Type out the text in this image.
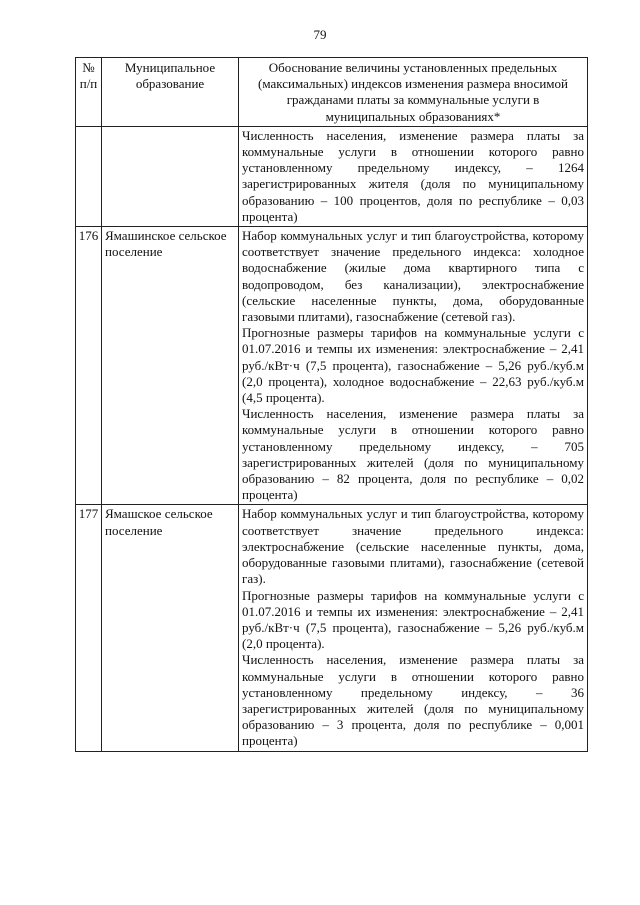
79
№ п/п	Муниципальное образование	Обоснование величины установленных предельных (максимальных) индексов изменения размера вносимой гражданами платы за коммунальные услуги в муниципальных образованиях*

		Численность населения, изменение размера платы за коммунальные услуги в отношении которого равно установленному предельному индексу, – 1264 зарегистрированных жителя (доля по муниципальному образованию – 100 процентов, доля по республике – 0,03 процента)

176	Ямашинское сельское поселение	Набор коммунальных услуг и тип благоустройства, которому соответствует значение предельного индекса: холодное водоснабжение (жилые дома квартирного типа с водопроводом, без канализации), электроснабжение (сельские населенные пункты, дома, оборудованные газовыми плитами), газоснабжение (сетевой газ).
Прогнозные размеры тарифов на коммунальные услуги с 01.07.2016 и темпы их изменения: электроснабжение – 2,41 руб./кВт·ч (7,5 процента), газоснабжение – 5,26 руб./куб.м (2,0 процента), холодное водоснабжение – 22,63 руб./куб.м (4,5 процента).
Численность населения, изменение размера платы за коммунальные услуги в отношении которого равно установленному предельному индексу, – 705 зарегистрированных жителей (доля по муниципальному образованию – 82 процента, доля по республике – 0,02 процента)

177	Ямашское сельское поселение	Набор коммунальных услуг и тип благоустройства, которому соответствует значение предельного индекса: электроснабжение (сельские населенные пункты, дома, оборудованные газовыми плитами), газоснабжение (сетевой газ).
Прогнозные размеры тарифов на коммунальные услуги с 01.07.2016 и темпы их изменения: электроснабжение – 2,41 руб./кВт·ч (7,5 процента), газоснабжение – 5,26 руб./куб.м (2,0 процента).
Численность населения, изменение размера платы за коммунальные услуги в отношении которого равно установленному предельному индексу, – 36 зарегистрированных жителей (доля по муниципальному образованию – 3 процента, доля по республике – 0,001 процента)
